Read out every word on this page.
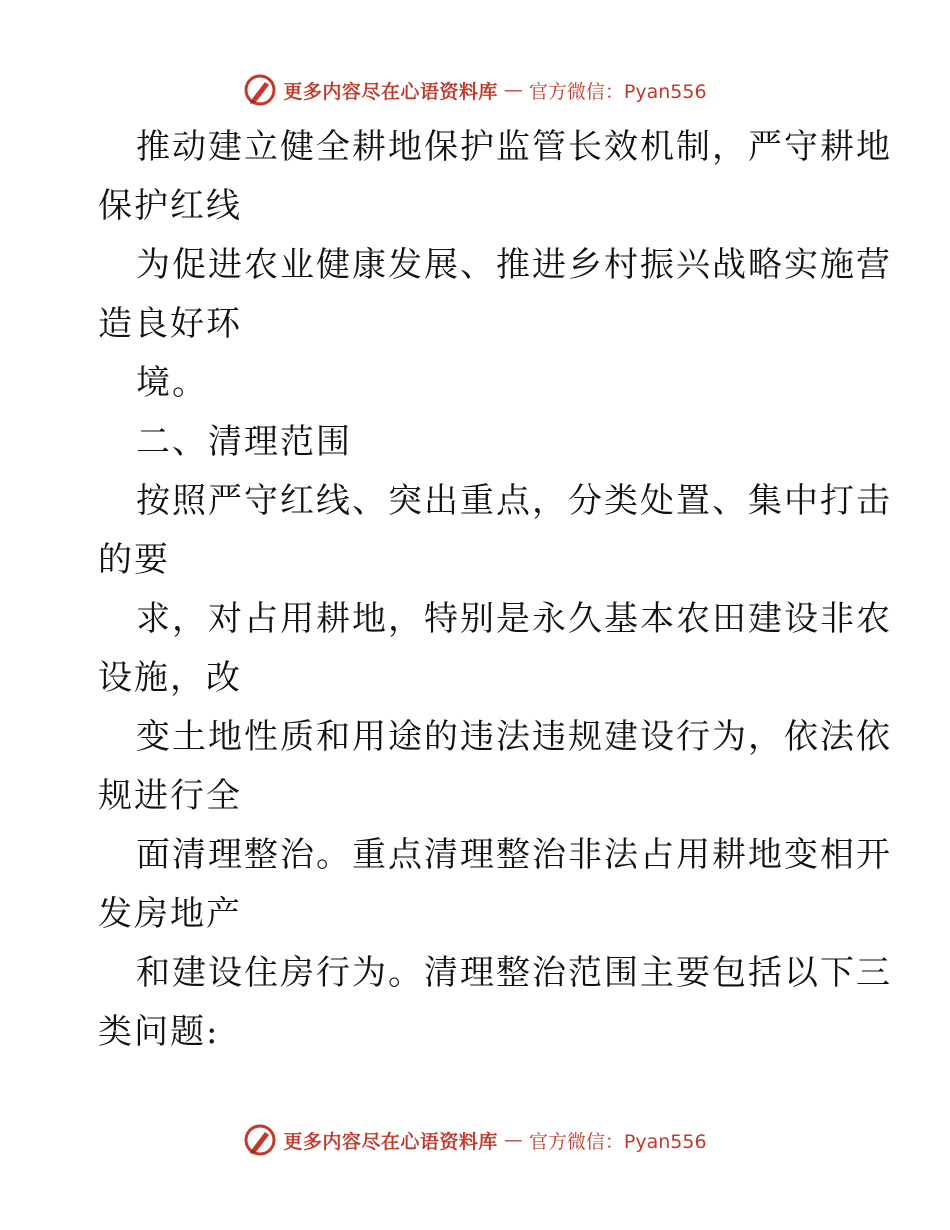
更多内容尽在心语资料库 — 官方微信：Pyan556
推动建立健全耕地保护监管长效机制，严守耕地
保护红线
为促进农业健康发展、推进乡村振兴战略实施营
造良好环
境。
二、清理范围
按照严守红线、突出重点，分类处置、集中打击
的要
求，对占用耕地，特别是永久基本农田建设非农
设施，改
变土地性质和用途的违法违规建设行为，依法依
规进行全
面清理整治。重点清理整治非法占用耕地变相开
发房地产
和建设住房行为。清理整治范围主要包括以下三
类问题:
更多内容尽在心语资料库 — 官方微信：Pyan556
